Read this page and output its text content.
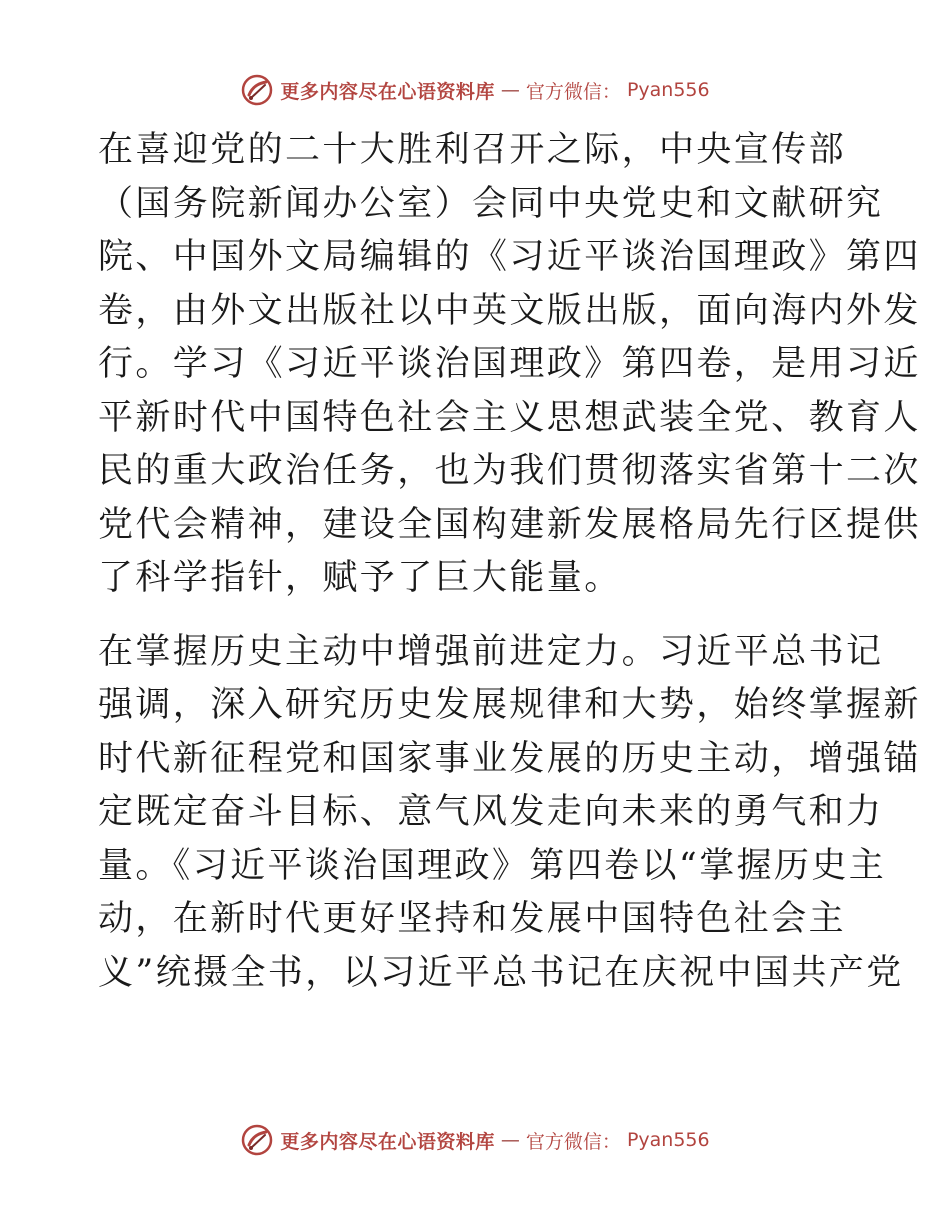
更多内容尽在心语资料库 — 官方微信： Pyan556
在喜迎党的二十大胜利召开之际，中央宣传部
（国务院新闻办公室）会同中央党史和文献研究
院、中国外文局编辑的《习近平谈治国理政》第四
卷，由外文出版社以中英文版出版，面向海内外发
行。学习《习近平谈治国理政》第四卷，是用习近
平新时代中国特色社会主义思想武装全党、教育人
民的重大政治任务，也为我们贯彻落实省第十二次
党代会精神，建设全国构建新发展格局先行区提供
了科学指针，赋予了巨大能量。
在掌握历史主动中增强前进定力。习近平总书记
强调，深入研究历史发展规律和大势，始终掌握新
时代新征程党和国家事业发展的历史主动，增强锚
定既定奋斗目标、意气风发走向未来的勇气和力
量。《习近平谈治国理政》第四卷以“掌握历史主
动，在新时代更好坚持和发展中国特色社会主
义”统摄全书，以习近平总书记在庆祝中国共产党
更多内容尽在心语资料库 — 官方微信： Pyan556
